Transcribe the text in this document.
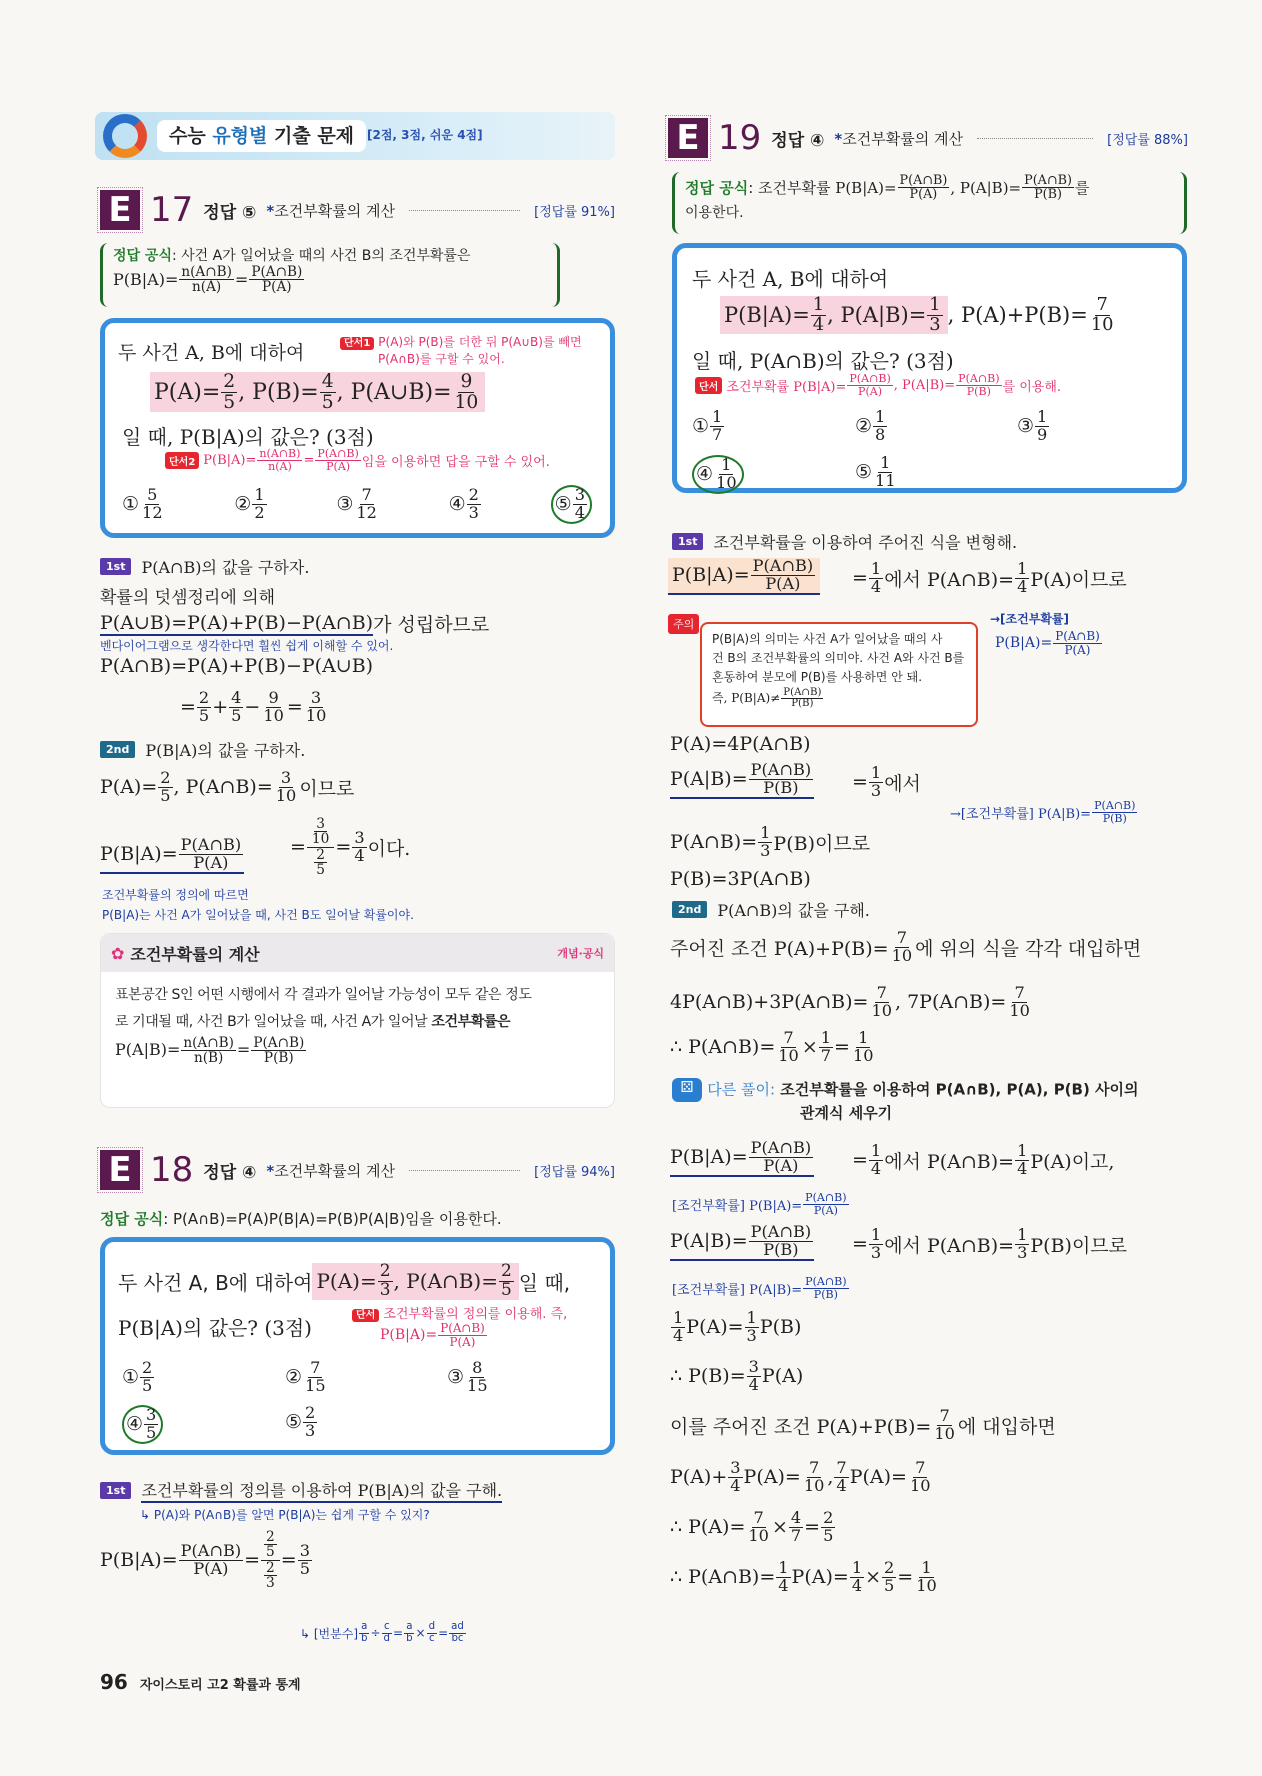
수능 유형별 기출 문제	[2점, 3점, 쉬운 4점]
E 17 정답 ⑤ *조건부확률의 계산	[정답률 91%]
정답 공식: 사건 A가 일어났을 때의 사건 B의 조건부확률은
$P(B|A)= \frac{n(A\cap B)}{n(A)} = \frac{P(A\cap B)}{P(A)}$
두 사건 A, B에 대하여	단서1 P(A)와 P(B)를 더한 뒤 P(A∪B)를 빼면
P(A∩B)를 구할 수 있어.
$P(A)= \frac{2}{5}$ , $P(B)= \frac{4}{5}$ , P(A∪B)= $\frac{9}{10}$
일 때, P(B|A)의 값은? (3점)
단서2 $P(B|A)= \frac{n(A\cap B)}{n(A)} = \frac{P(A\cap B)}{P(A)}$ 임을 이용하면 답을 구할 수 있어.
① $\frac{5}{12}$	② $\frac{1}{2}$	③ $\frac{7}{12}$	④ $\frac{2}{3}$	⑤ $\frac{3}{4}$
1st	P(A∩B)의 값을 구하자.
확률의 덧셈정리에 의해
P(A∪B)=P(A)+P(B)−P(A∩B) 가 성립하므로
벤다이어그램으로 생각한다면 훨씬 쉽게 이해할 수 있어.
P(A∩B)=P(A)+P(B)−P(A∪B)
= $\frac{2}{5} + \frac{4}{5} - \frac{9}{10} = \frac{3}{10}$
2nd	P(B|A)의 값을 구하자.
$P(A)= \frac{2}{5}$ , P(A∩B)= $\frac{3}{10}$ 이므로
$P(B|A)= \frac{P(A\cap B)}{P(A)} = \frac{\frac{3}{10}}{\frac{2}{5}} = \frac{3}{4}$ 이다.
조건부확률의 정의에 따르면
P(B|A)는 사건 A가 일어났을 때, 사건 B도 일어날 확률이야.
✿ 조건부확률의 계산	개념·공식
표본공간 S인 어떤 시행에서 각 결과가 일어날 가능성이 모두 같은 정도
로 기대될 때, 사건 B가 일어났을 때, 사건 A가 일어날 조건부확률은
$P(A|B)= \frac{n(A\cap B)}{n(B)} = \frac{P(A\cap B)}{P(B)}$
E 18 정답 ④ *조건부확률의 계산	[정답률 94%]
정답 공식: P(A∩B)=P(A)P(B|A)=P(B)P(A|B)임을 이용한다.
두 사건 A, B에 대하여 $P(A)= \frac{2}{3}$ , P(A∩B)= $\frac{2}{5}$ 일 때,
P(B|A)의 값은? (3점)
단서 조건부확률의 정의를 이용해. 즉,
$P(B|A)= \frac{P(A\cap B)}{P(A)}$
① $\frac{2}{5}$	② $\frac{7}{15}$	③ $\frac{8}{15}$
④ $\frac{3}{5}$	⑤ $\frac{2}{3}$
1st	조건부확률의 정의를 이용하여 P(B|A)의 값을 구해.
↳ P(A)와 P(A∩B)를 알면 P(B|A)는 쉽게 구할 수 있지?
$P(B|A)= \frac{P(A\cap B)}{P(A)} = \frac{\frac{2}{5}}{\frac{2}{3}} = \frac{3}{5}$
↳ [번분수] $\frac{a}{b} \div \frac{c}{d} = \frac{a}{b} \times \frac{d}{c} = \frac{ad}{bc}$
96 자이스토리 고2 확률과 통계
E 19 정답 ④ *조건부확률의 계산	[정답률 88%]
정답 공식 : 조건부확률 $P(B|A)= \frac{P(A\cap B)}{P(A)}$ , $P(A|B)= \frac{P(A\cap B)}{P(B)}$ 를
이용한다.
두 사건 A, B에 대하여
$P(B|A)= \frac{1}{4}$ , $P(A|B)= \frac{1}{3}$ , $P(A)+P(B)= \frac{7}{10}$
일 때, P(A∩B)의 값은? (3점)
단서 조건부확률 $P(B|A)= \frac{P(A\cap B)}{P(A)}$ , $P(A|B)= \frac{P(A\cap B)}{P(B)}$ 를 이용해.
① $\frac{1}{7}$	② $\frac{1}{8}$	③ $\frac{1}{9}$
④ $\frac{1}{10}$	⑤ $\frac{1}{11}$
1st	조건부확률을 이용하여 주어진 식을 변형해.
$P(B|A)= \frac{P(A\cap B)}{P(A)} = \frac{1}{4}$ 에서 P(A∩B)= $\frac{1}{4} P(A)$이므로
→[조건부확률]
$P(B|A)= \frac{P(A\cap B)}{P(A)}$
P(B|A)의 의미는 사건 A가 일어났을 때의 사
건 B의 조건부확률의 의미야. 사건 A와 사건 B를
혼동하여 분모에 P(B)를 사용하면 안 돼.
즉, $P(B|A)\ne \frac{P(A\cap B)}{P(B)}$
주의
P(A)=4P(A∩B)
$P(A|B)= \frac{P(A\cap B)}{P(B)} = \frac{1}{3}$ 에서
→[조건부확률] $P(A|B)= \frac{P(A\cap B)}{P(B)}$
P(A∩B)= $\frac{1}{3} P(B)$이므로
P(B)=3P(A∩B)
2nd	P(A∩B)의 값을 구해.
주어진 조건 $P(A)+P(B)= \frac{7}{10}$ 에 위의 식을 각각 대입하면
4P(A∩B)+3P(A∩B)= $\frac{7}{10}$ , 7P(A∩B)= $\frac{7}{10}$
∴ P(A∩B)= $\frac{7}{10} \times \frac{1}{7} = \frac{1}{10}$
⚄ 다른 풀이: 조건부확률을 이용하여 P(A∩B), P(A), P(B) 사이의
관계식 세우기
$P(B|A)= \frac{P(A\cap B)}{P(A)} = \frac{1}{4}$ 에서 P(A∩B)= $\frac{1}{4} P(A)$이고,
[조건부확률] $P(B|A)= \frac{P(A\cap B)}{P(A)}$
$P(A|B)= \frac{P(A\cap B)}{P(B)} = \frac{1}{3}$ 에서 P(A∩B)= $\frac{1}{3} P(B)$이므로
[조건부확률] $P(A|B)= \frac{P(A\cap B)}{P(B)}$
$\frac{1}{4} P(A)= \frac{1}{3} P(B)$
∴ $P(B)= \frac{3}{4} P(A)$
이를 주어진 조건 $P(A)+P(B)= \frac{7}{10}$ 에 대입하면
$P(A)+ \frac{3}{4} P(A)= \frac{7}{10}$ , $\frac{7}{4} P(A)= \frac{7}{10}$
∴ $P(A)= \frac{7}{10} \times \frac{4}{7} = \frac{2}{5}$
∴ P(A∩B)= $\frac{1}{4} P(A)= \frac{1}{4} \times \frac{2}{5} = \frac{1}{10}$
